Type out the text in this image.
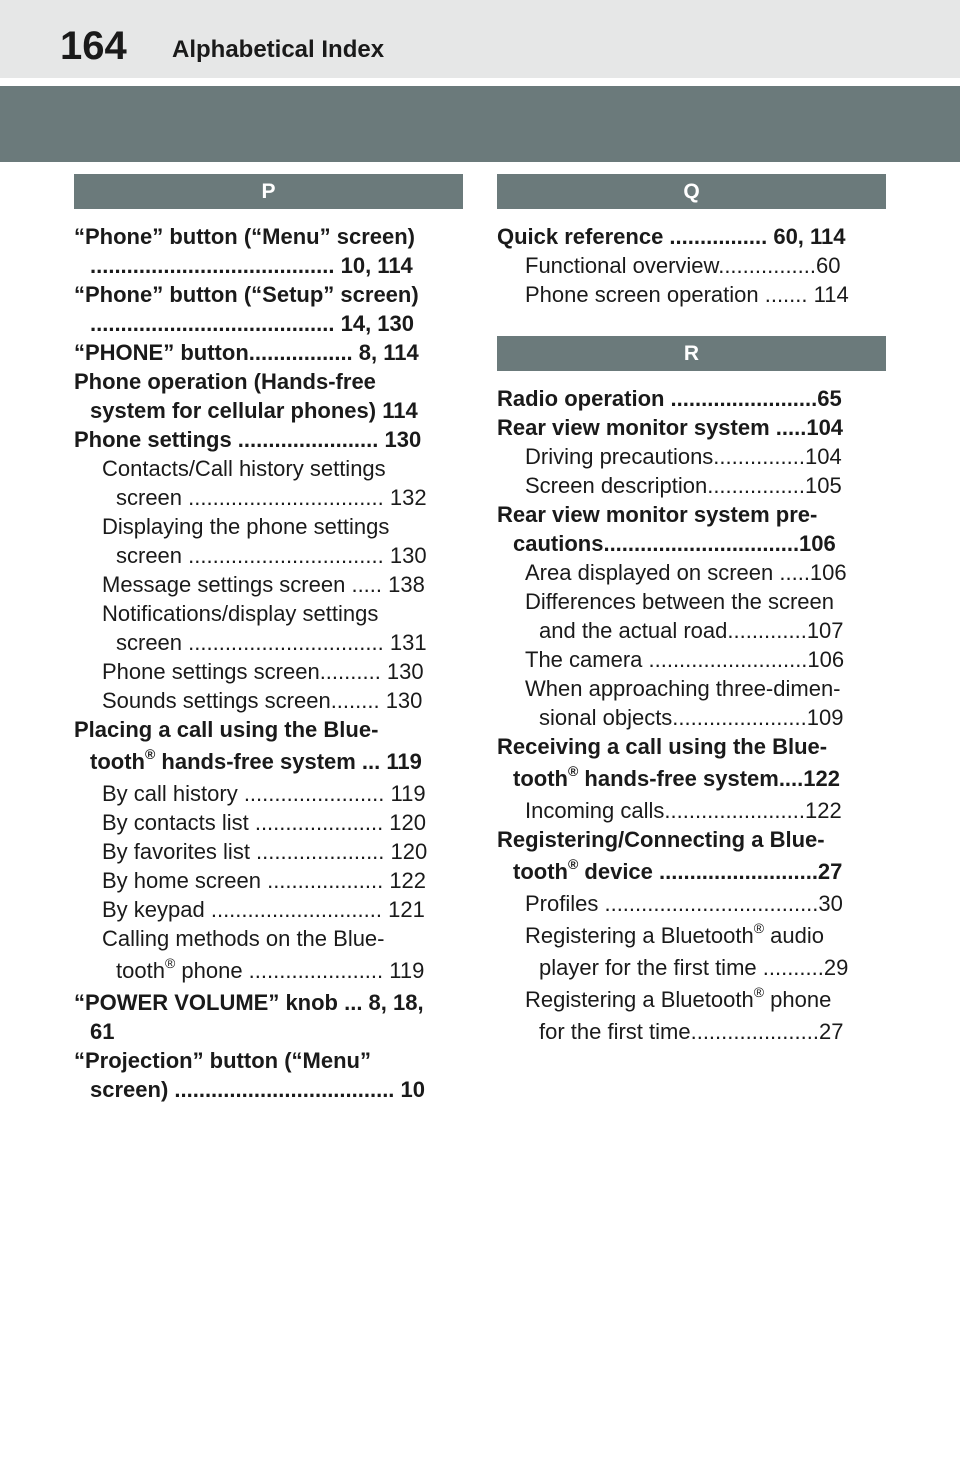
164 Alphabetical Index
P
“Phone” button (“Menu” screen)
........................................ 10, 114
“Phone” button (“Setup” screen)
........................................ 14, 130
“PHONE” button................. 8, 114
Phone operation (Hands-free
system for cellular phones) 114
Phone settings ....................... 130
Contacts/Call history settings
screen ................................ 132
Displaying the phone settings
screen ................................ 130
Message settings screen ..... 138
Notifications/display settings
screen ................................ 131
Phone settings screen.......... 130
Sounds settings screen........ 130
Placing a call using the Blue-
tooth® hands-free system ... 119
By call history ....................... 119
By contacts list ..................... 120
By favorites list ..................... 120
By home screen ................... 122
By keypad ............................ 121
Calling methods on the Blue-
tooth® phone ...................... 119
“POWER VOLUME” knob ... 8, 18,
61
“Projection” button (“Menu”
screen) .................................... 10
Q
Quick reference ................ 60, 114
Functional overview................60
Phone screen operation ....... 114
R
Radio operation ........................65
Rear view monitor system .....104
Driving precautions...............104
Screen description................105
Rear view monitor system pre-
cautions................................106
Area displayed on screen .....106
Differences between the screen
and the actual road.............107
The camera ..........................106
When approaching three-dimen-
sional objects......................109
Receiving a call using the Blue-
tooth® hands-free system....122
Incoming calls.......................122
Registering/Connecting a Blue-
tooth® device ..........................27
Profiles ...................................30
Registering a Bluetooth® audio
player for the first time ..........29
Registering a Bluetooth® phone
for the first time.....................27
